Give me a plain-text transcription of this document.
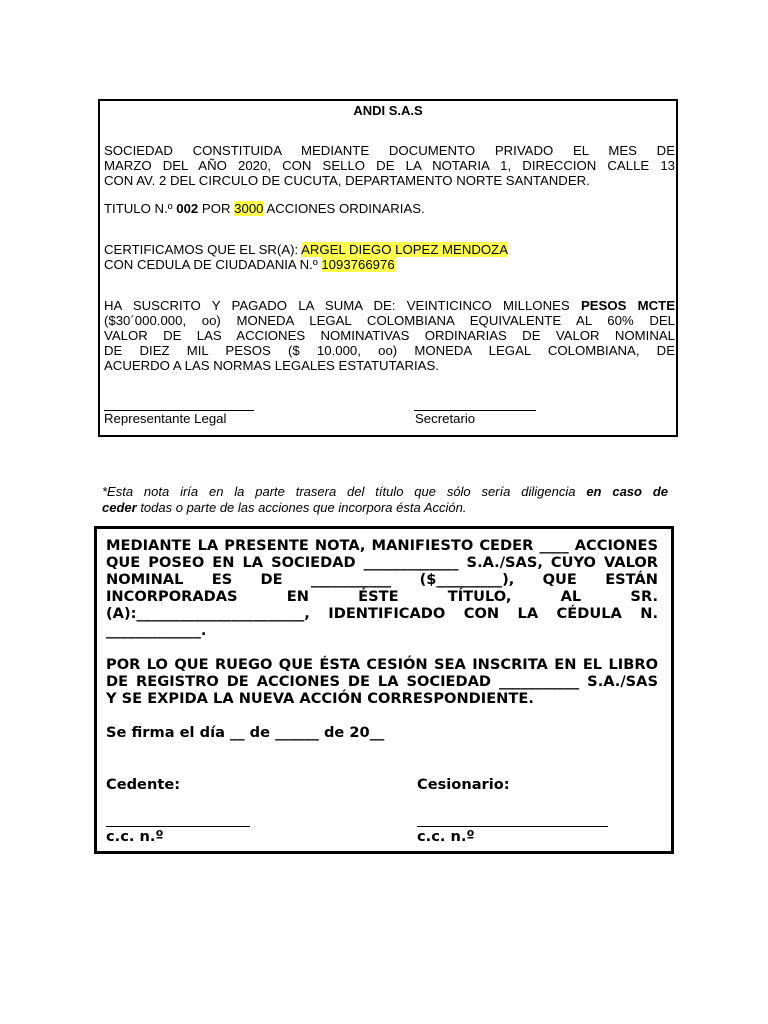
ANDI S.A.S
SOCIEDAD CONSTITUIDA MEDIANTE DOCUMENTO PRIVADO EL MES DE
MARZO DEL AÑO 2020, CON SELLO DE LA NOTARIA 1, DIRECCION CALLE 13
CON AV. 2 DEL CIRCULO DE CUCUTA, DEPARTAMENTO NORTE SANTANDER.
TITULO N.º 002 POR 3000 ACCIONES ORDINARIAS.
CERTIFICAMOS QUE EL SR(A): ARGEL DIEGO LOPEZ MENDOZA
CON CEDULA DE CIUDADANIA N.º 1093766976
HA SUSCRITO Y PAGADO LA SUMA DE: VEINTICINCO MILLONES PESOS MCTE
($30´000.000, oo) MONEDA LEGAL COLOMBIANA EQUIVALENTE AL 60% DEL
VALOR DE LAS ACCIONES NOMINATIVAS ORDINARIAS DE VALOR NOMINAL
DE DIEZ MIL PESOS ($ 10.000, oo) MONEDA LEGAL COLOMBIANA, DE
ACUERDO A LAS NORMAS LEGALES ESTATUTARIAS.
Representante Legal	Secretario
*Esta nota iría en la parte trasera del título que sólo sería diligencia en caso de
ceder todas o parte de las acciones que incorpora ésta Acción.
MEDIANTE LA PRESENTE NOTA, MANIFIESTO CEDER ____ ACCIONES
QUE POSEO EN LA SOCIEDAD _____________ S.A./SAS, CUYO VALOR
NOMINAL ES DE ___________ ($_________), QUE ESTÁN
INCORPORADAS EN ÉSTE TÍTULO, AL SR.
(A):_______________________, IDENTIFICADO CON LA CÉDULA N.
_____________.
POR LO QUE RUEGO QUE ÉSTA CESIÓN SEA INSCRITA EN EL LIBRO
DE REGISTRO DE ACCIONES DE LA SOCIEDAD ___________ S.A./SAS
Y SE EXPIDA LA NUEVA ACCIÓN CORRESPONDIENTE.
Se firma el día __ de ______ de 20__
Cedente:	Cesionario:
c.c. n.º	c.c. n.º
